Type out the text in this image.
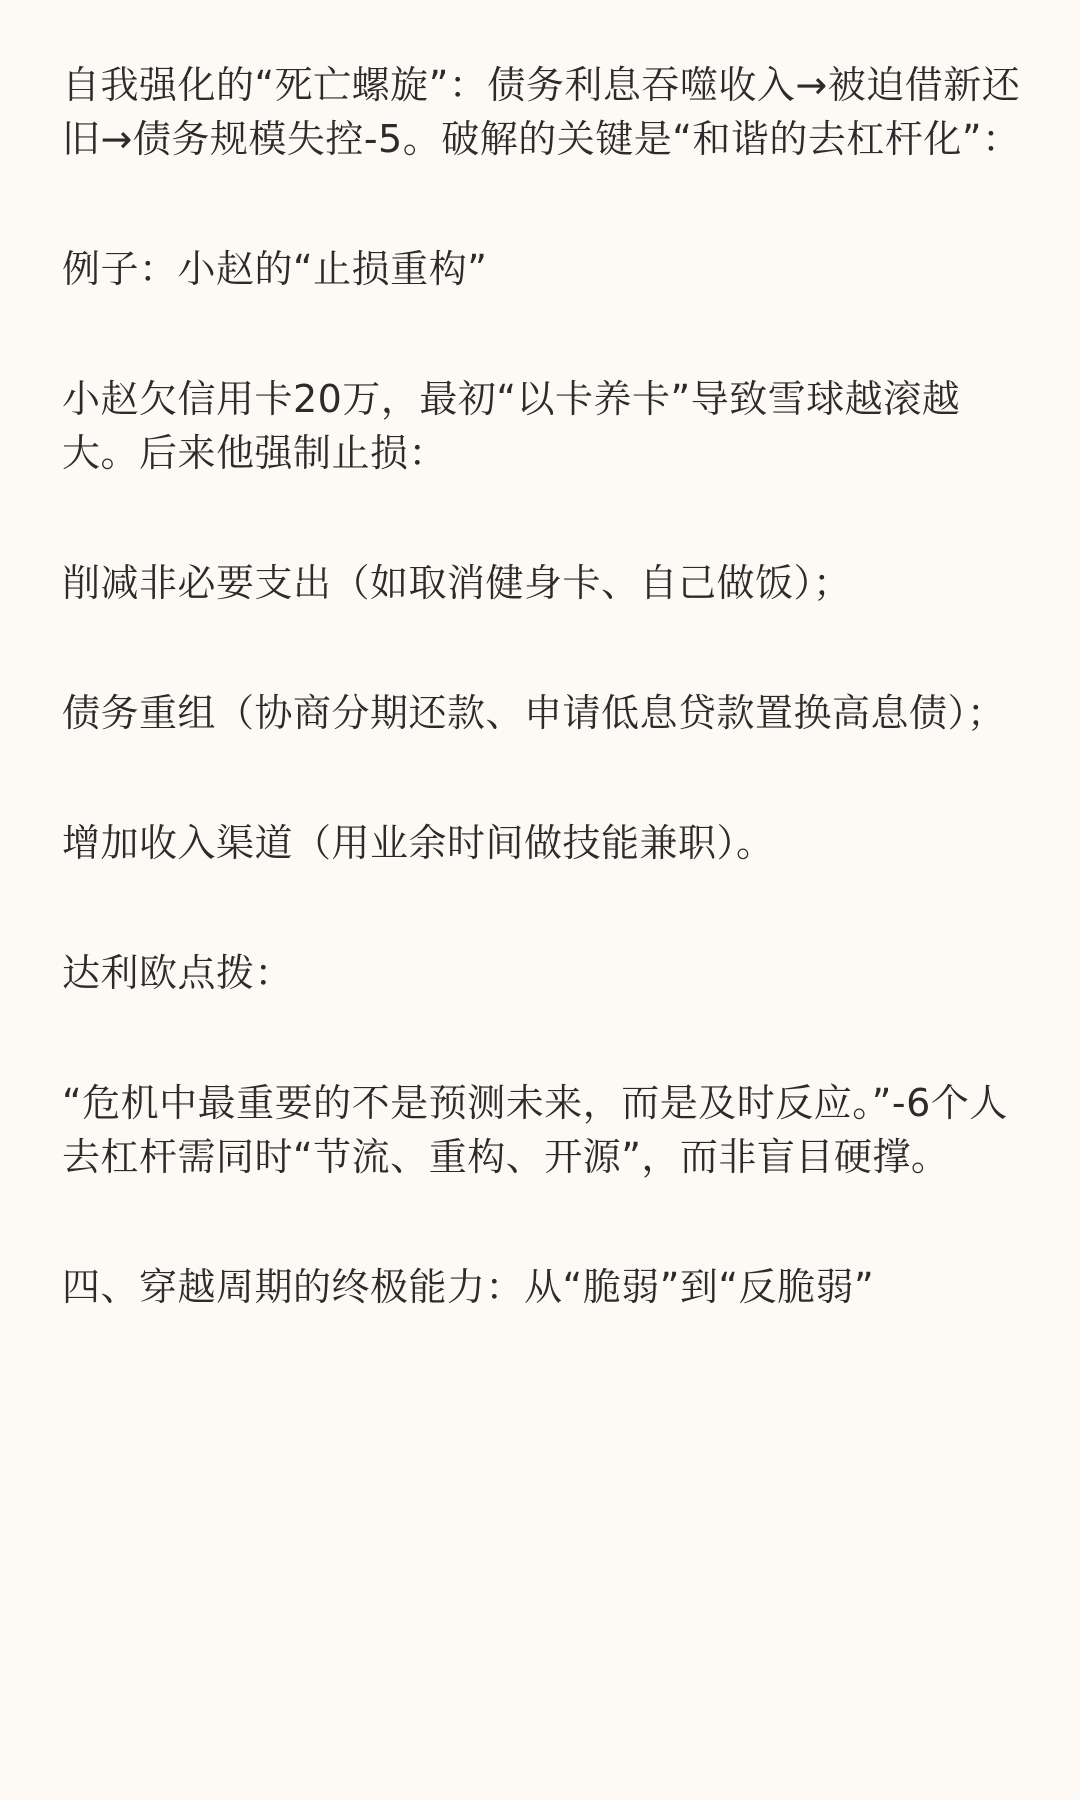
自我强化的“死亡螺旋”：债务利息吞噬收入→被迫借新还旧→债务规模失控-5。破解的关键是“和谐的去杠杆化”：

例子：小赵的“止损重构”

小赵欠信用卡20万，最初“以卡养卡”导致雪球越滚越大。后来他强制止损：

削减非必要支出（如取消健身卡、自己做饭）；

债务重组（协商分期还款、申请低息贷款置换高息债）；

增加收入渠道（用业余时间做技能兼职）。

达利欧点拨：

“危机中最重要的不是预测未来，而是及时反应。”-6个人去杠杆需同时“节流、重构、开源”，而非盲目硬撑。

四、穿越周期的终极能力：从“脆弱”到“反脆弱”
